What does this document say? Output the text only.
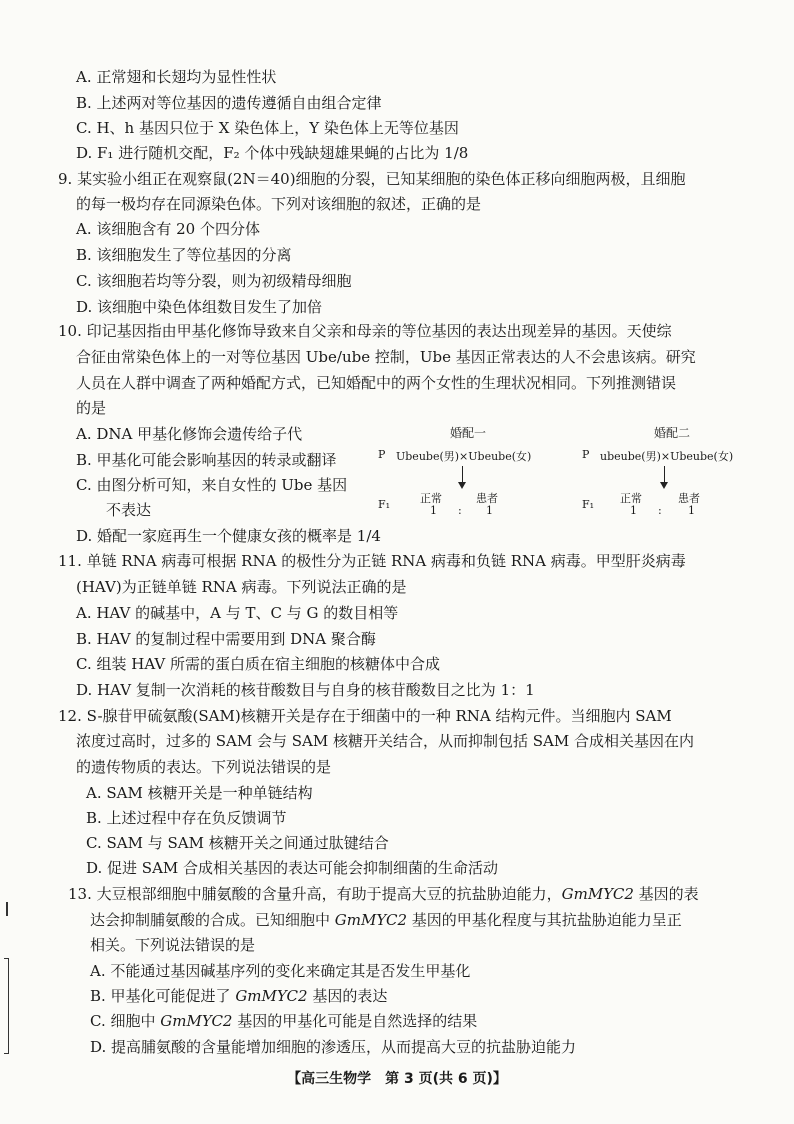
A. 正常翅和长翅均为显性性状
B. 上述两对等位基因的遗传遵循自由组合定律
C. H、h 基因只位于 X 染色体上，Y 染色体上无等位基因
D. F₁ 进行随机交配，F₂ 个体中残缺翅雄果蝇的占比为 1/8
9. 某实验小组正在观察鼠(2N＝40)细胞的分裂，已知某细胞的染色体正移向细胞两极，且细胞
的每一极均存在同源染色体。下列对该细胞的叙述，正确的是
A. 该细胞含有 20 个四分体
B. 该细胞发生了等位基因的分离
C. 该细胞若均等分裂，则为初级精母细胞
D. 该细胞中染色体组数目发生了加倍
10. 印记基因指由甲基化修饰导致来自父亲和母亲的等位基因的表达出现差异的基因。天使综
合征由常染色体上的一对等位基因 Ube/ube 控制，Ube 基因正常表达的人不会患该病。研究
人员在人群中调查了两种婚配方式，已知婚配中的两个女性的生理状况相同。下列推测错误
的是
A. DNA 甲基化修饰会遗传给子代
B. 甲基化可能会影响基因的转录或翻译
C. 由图分析可知，来自女性的 Ube 基因
不表达
D. 婚配一家庭再生一个健康女孩的概率是 1/4
婚配一
P Ubeube(男)×Ubeube(女)
F₁	正常	患者
1 : 1
婚配二
P ubeube(男)×Ubeube(女)
F₁ 正常	患者
1 : 1
11. 单链 RNA 病毒可根据 RNA 的极性分为正链 RNA 病毒和负链 RNA 病毒。甲型肝炎病毒
(HAV)为正链单链 RNA 病毒。下列说法正确的是
A. HAV 的碱基中，A 与 T、C 与 G 的数目相等
B. HAV 的复制过程中需要用到 DNA 聚合酶
C. 组装 HAV 所需的蛋白质在宿主细胞的核糖体中合成
D. HAV 复制一次消耗的核苷酸数目与自身的核苷酸数目之比为 1：1
12. S-腺苷甲硫氨酸(SAM)核糖开关是存在于细菌中的一种 RNA 结构元件。当细胞内 SAM
浓度过高时，过多的 SAM 会与 SAM 核糖开关结合，从而抑制包括 SAM 合成相关基因在内
的遗传物质的表达。下列说法错误的是
A. SAM 核糖开关是一种单链结构
B. 上述过程中存在负反馈调节
C. SAM 与 SAM 核糖开关之间通过肽键结合
D. 促进 SAM 合成相关基因的表达可能会抑制细菌的生命活动
13. 大豆根部细胞中脯氨酸的含量升高，有助于提高大豆的抗盐胁迫能力，GmMYC2 基因的表
达会抑制脯氨酸的合成。已知细胞中 GmMYC2 基因的甲基化程度与其抗盐胁迫能力呈正
相关。下列说法错误的是
A. 不能通过基因碱基序列的变化来确定其是否发生甲基化
B. 甲基化可能促进了 GmMYC2 基因的表达
C. 细胞中 GmMYC2 基因的甲基化可能是自然选择的结果
D. 提高脯氨酸的含量能增加细胞的渗透压，从而提高大豆的抗盐胁迫能力
【高三生物学　第 3 页(共 6 页)】
